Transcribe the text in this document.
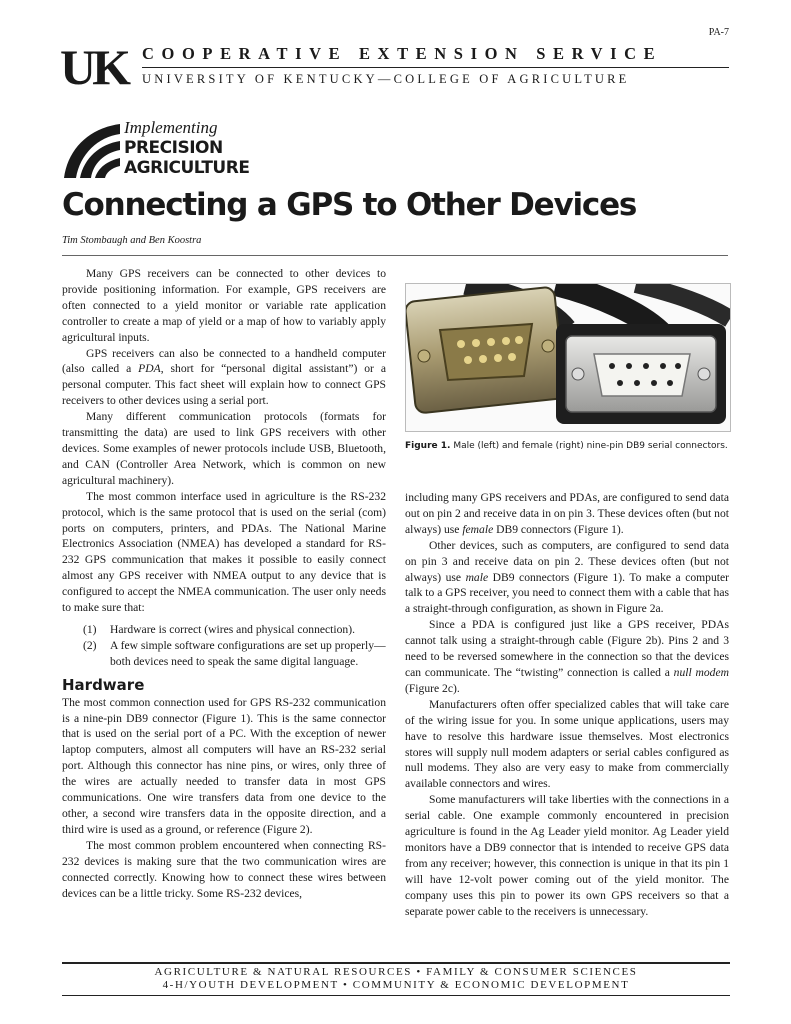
PA-7
UK COOPERATIVE EXTENSION SERVICE
UNIVERSITY OF KENTUCKY—COLLEGE OF AGRICULTURE
Implementing
PRECISION
AGRICULTURE
Connecting a GPS to Other Devices
Tim Stombaugh and Ben Koostra

Many GPS receivers can be connected to other devices to provide positioning information. For example, GPS receivers are often connected to a yield monitor or variable rate application controller to create a map of yield or a map of how to variably apply agricultural inputs.

GPS receivers can also be connected to a handheld computer (also called a PDA, short for “personal digital assistant”) or a personal computer. This fact sheet will explain how to connect GPS receivers to other devices using a serial port.

Many different communication protocols (formats for transmitting the data) are used to link GPS receivers with other devices. Some examples of newer protocols include USB, Bluetooth, and CAN (Controller Area Network, which is common on new agricultural machinery).

The most common interface used in agriculture is the RS-232 protocol, which is the same protocol that is used on the serial (com) ports on computers, printers, and PDAs. The National Marine Electronics Association (NMEA) has developed a standard for RS-232 GPS communication that makes it possible to easily connect almost any GPS receiver with NMEA output to any device that is configured to accept the NMEA communication. The user only needs to make sure that:

(1) Hardware is correct (wires and physical connection).
(2) A few simple software configurations are set up properly—both devices need to speak the same digital language.
Hardware

The most common connection used for GPS RS-232 communication is a nine-pin DB9 connector (Figure 1). This is the same connector that is used on the serial port of a PC. With the exception of newer laptop computers, almost all computers will have an RS-232 serial port. Although this connector has nine pins, or wires, only three of the wires are actually needed to transfer data in most GPS communications. One wire transfers data from one device to the other, a second wire transfers data in the opposite direction, and a third wire is used as a ground, or reference (Figure 2).

The most common problem encountered when connecting RS-232 devices is making sure that the two communication wires are connected correctly. Knowing how to connect these wires between devices can be a little tricky. Some RS-232 devices,

Figure 1. Male (left) and female (right) nine-pin DB9 serial connectors.

including many GPS receivers and PDAs, are configured to send data out on pin 2 and receive data in on pin 3. These devices often (but not always) use female DB9 connectors (Figure 1).

Other devices, such as computers, are configured to send data on pin 3 and receive data on pin 2. These devices often (but not always) use male DB9 connectors (Figure 1). To make a computer talk to a GPS receiver, you need to connect them with a cable that has a straight-through configuration, as shown in Figure 2a.

Since a PDA is configured just like a GPS receiver, PDAs cannot talk using a straight-through cable (Figure 2b). Pins 2 and 3 need to be reversed somewhere in the connection so that the devices can communicate. The “twisting” connection is called a null modem (Figure 2c).

Manufacturers often offer specialized cables that will take care of the wiring issue for you. In some unique applications, users may have to resolve this hardware issue themselves. Most electronics stores will supply null modem adapters or serial cables configured as null modems. They also are very easy to make from commercially available connectors and wires.

Some manufacturers will take liberties with the connections in a serial cable. One example commonly encountered in precision agriculture is found in the Ag Leader yield monitor. Ag Leader yield monitors have a DB9 connector that is intended to receive GPS data from any receiver; however, this connection is unique in that its pin 1 will have 12-volt power coming out of the yield monitor. The company uses this pin to power its own GPS receivers so that a separate power cable to the receivers is unnecessary.

AGRICULTURE & NATURAL RESOURCES • FAMILY & CONSUMER SCIENCES
4-H/YOUTH DEVELOPMENT • COMMUNITY & ECONOMIC DEVELOPMENT
